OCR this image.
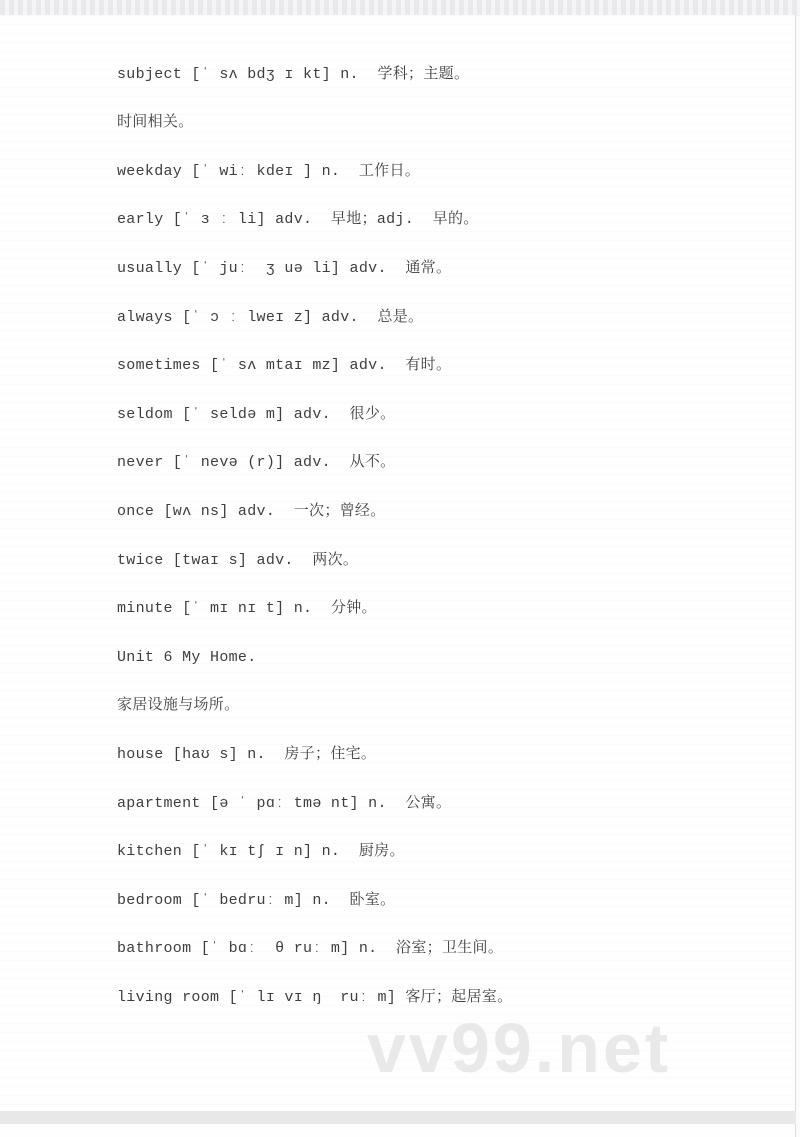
subject [ˈ sʌ bdʒ ɪ kt] n.  学科；主题。
时间相关。
weekday [ˈ wiː kdeɪ ] n.  工作日。
early [ˈ ɜ ː li] adv.  早地；adj.  早的。
usually [ˈ juː  ʒ uə li] adv.  通常。
always [ˈ ɔ ː lweɪ z] adv.  总是。
sometimes [ˈ sʌ mtaɪ mz] adv.  有时。
seldom [ˈ seldə m] adv.  很少。
never [ˈ nevə (r)] adv.  从不。
once [wʌ ns] adv.  一次；曾经。
twice [twaɪ s] adv.  两次。
minute [ˈ mɪ nɪ t] n.  分钟。
Unit 6 My Home.
家居设施与场所。
house [haʊ s] n.  房子；住宅。
apartment [ə ˈ pɑː tmə nt] n.  公寓。
kitchen [ˈ kɪ tʃ ɪ n] n.  厨房。
bedroom [ˈ bedruː m] n.  卧室。
bathroom [ˈ bɑː  θ ruː m] n.  浴室；卫生间。
living room [ˈ lɪ vɪ ŋ  ruː m] 客厅；起居室。
vv99.net
